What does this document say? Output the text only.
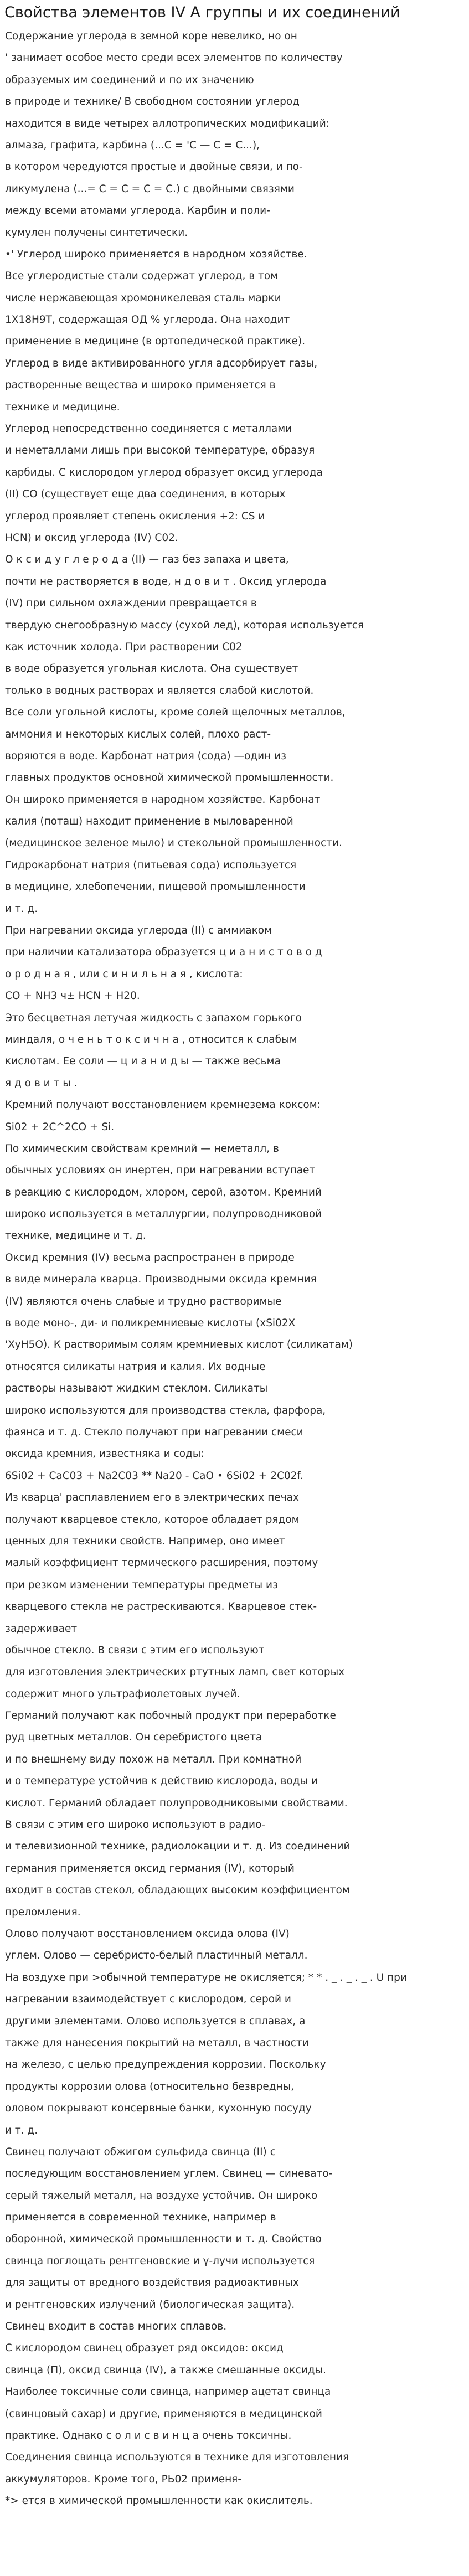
Свойства элементов IV А группы и их соединений
Содержание углерода в земной коре невелико, но он
' занимает особое место среди всех элементов по количеству
образуемых им соединений и по их значению
в природе и технике/ В свободном состоянии углерод
находится в виде четырех аллотропических модификаций:
алмаза, графита, карбина (...С = 'С — С = С...),
в котором чередуются простые и двойные связи, и по-
ликумулена (...= С = С = С = С.) с двойными связями
между всеми атомами углерода. Карбин и поли-
кумулен получены синтетически.
•' Углерод широко применяется в народном хозяйстве.
Все углеродистые стали содержат углерод, в том
числе нержавеющая хромоникелевая сталь марки
1Х18Н9Т, содержащая ОД % углерода. Она находит
применение в медицине (в ортопедической практике).
Углерод в виде активированного угля адсорбирует газы,
растворенные вещества и широко применяется в
технике и медицине.
Углерод непосредственно соединяется с металлами
и неметаллами лишь при высокой температуре, образуя
карбиды. С кислородом углерод образует оксид углерода
(II) СО (существует еще два соединения, в которых
углерод проявляет степень окисления +2: CS и
HCN) и оксид углерода (IV) С02.
О к с и д у г л е р о д а (II) — газ без запаха и цвета,
почти не растворяется в воде, н д о в и т . Оксид углерода
(IV) при сильном охлаждении превращается в
твердую снегообразную массу (сухой лед), которая используется
как источник холода. При растворении С02
в воде образуется угольная кислота. Она существует
только в водных растворах и является слабой кислотой.
Все соли угольной кислоты, кроме солей щелочных металлов,
аммония и некоторых кислых солей, плохо раст-
воряются в воде. Карбонат натрия (сода) —один из
главных продуктов основной химической промышленности.
Он широко применяется в народном хозяйстве. Карбонат
калия (поташ) находит применение в мыловаренной
(медицинское зеленое мыло) и стекольной промышленности.
Гидрокарбонат натрия (питьевая сода) используется
в медицине, хлебопечении, пищевой промышленности
и т. д.
При нагревании оксида углерода (II) с аммиаком
при наличии катализатора образуется ц и а н и с т о в о д
о р о д н а я , или с и н и л ь н а я , кислота:
CO + NH3 ч± HCN + H20.
Это бесцветная летучая жидкость с запахом горького
миндаля, о ч е н ь т о к с и ч н а , относится к слабым
кислотам. Ее соли — ц и а н и д ы — также весьма
я д о в и т ы .
Кремний получают восстановлением кремнезема коксом:
Si02 + 2С^2СО + Si.
По химическим свойствам кремний — неметалл, в
обычных условиях он инертен, при нагревании вступает
в реакцию с кислородом, хлором, серой, азотом. Кремний
широко используется в металлургии, полупроводниковой
технике, медицине и т. д.
Оксид кремния (IV) весьма распространен в природе
в виде минерала кварца. Производными оксида кремния
(IV) являются очень слабые и трудно растворимые
в воде моно-, ди- и поликремниевые кислоты (xSi02X
'ХуН5О). К растворимым солям кремниевых кислот (силикатам)
относятся силикаты натрия и калия. Их водные
растворы называют жидким стеклом. Силикаты
широко используются для производства стекла, фарфора,
фаянса и т. д. Стекло получают при нагревании смеси
оксида кремния, известняка и соды:
6Si02 + CaC03 + Na2C03 ** Na20 - CaO • 6Si02 + 2C02f.
Из кварца' расплавлением его в электрических печах
получают кварцевое стекло, которое обладает рядом
ценных для техники свойств. Например, оно имеет
малый коэффициент термического расширения, поэтому
при резком изменении температуры предметы из
кварцевого стекла не растрескиваются. Кварцевое стек-
задерживает
обычное стекло. В связи с этим его используют
для изготовления электрических ртутных ламп, свет которых
содержит много ультрафиолетовых лучей.
Германий получают как побочный продукт при переработке
руд цветных металлов. Он серебристого цвета
и по внешнему виду похож на металл. При комнатной
и о температуре устойчив к действию кислорода, воды и
кислот. Германий обладает полупроводниковыми свойствами.
В связи с этим его широко используют в радио-
и телевизионной технике, радиолокации и т. д. Из соединений
германия применяется оксид германия (IV), который
входит в состав стекол, обладающих высоким коэффициентом
преломления.
Олово получают восстановлением оксида олова (IV)
углем. Олово — серебристо-белый пластичный металл.
На воздухе при >обычной температуре не окисляется; * * . _ . _ . _ . U при
нагревании взаимодействует с кислородом, серой и
другими элементами. Олово используется в сплавах, а
также для нанесения покрытий на металл, в частности
на железо, с целью предупреждения коррозии. Поскольку
продукты коррозии олова (относительно безвредны,
оловом покрывают консервные банки, кухонную посуду
и т. д.
Свинец получают обжигом сульфида свинца (II) с
последующим восстановлением углем. Свинец — синевато-
серый тяжелый металл, на воздухе устойчив. Он широко
применяется в современной технике, например в
оборонной, химической промышленности и т. д. Свойство
свинца поглощать рентгеновские и γ-лучи используется
для защиты от вредного воздействия радиоактивных
и рентгеновских излучений (биологическая защита).
Свинец входит в состав многих сплавов.
С кислородом свинец образует ряд оксидов: оксид
свинца (П), оксид свинца (IV), а также смешанные оксиды.
Наиболее токсичные соли свинца, например ацетат свинца
(свинцовый сахар) и другие, применяются в медицинской
практике. Однако с о л и с в и н ц а очень токсичны.
Соединения свинца используются в технике для изготовления
аккумуляторов. Кроме того, РЬ02 применя-
*> ется в химической промышленности как окислитель.
